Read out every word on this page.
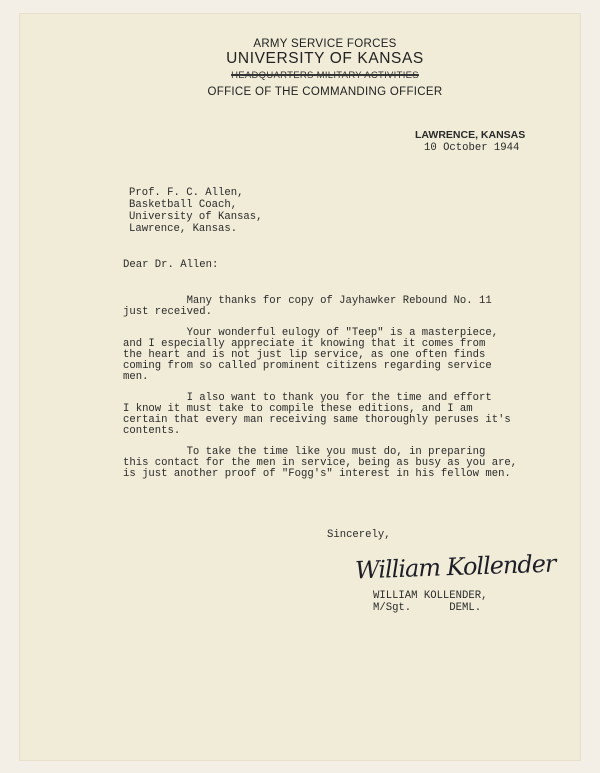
ARMY SERVICE FORCES
UNIVERSITY OF KANSAS
HEADQUARTERS MILITARY ACTIVITIES
OFFICE OF THE COMMANDING OFFICER
LAWRENCE, KANSAS
10 October 1944
Prof. F. C. Allen,
Basketball Coach,
University of Kansas,
Lawrence, Kansas.
Dear Dr. Allen:
Many thanks for copy of Jayhawker Rebound No. 11
just received.
Your wonderful eulogy of "Teep" is a masterpiece,
and I especially appreciate it knowing that it comes from
the heart and is not just lip service, as one often finds
coming from so called prominent citizens regarding service
men.
I also want to thank you for the time and effort
I know it must take to compile these editions, and I am
certain that every man receiving same thoroughly peruses it's
contents.
To take the time like you must do, in preparing
this contact for the men in service, being as busy as you are,
is just another proof of "Fogg's" interest in his fellow men.
Sincerely,
William Kollender
WILLIAM KOLLENDER,
M/Sgt.      DEML.
